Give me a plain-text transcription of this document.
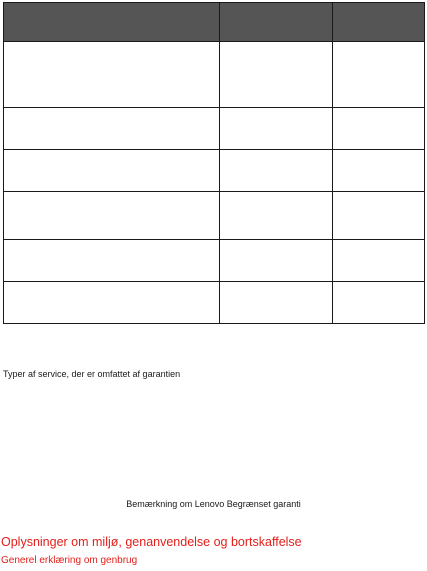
Typer af service, der er omfattet af garantien
Bemærkning om Lenovo Begrænset garanti
Oplysninger om miljø, genanvendelse og bortskaffelse
Generel erklæring om genbrug
